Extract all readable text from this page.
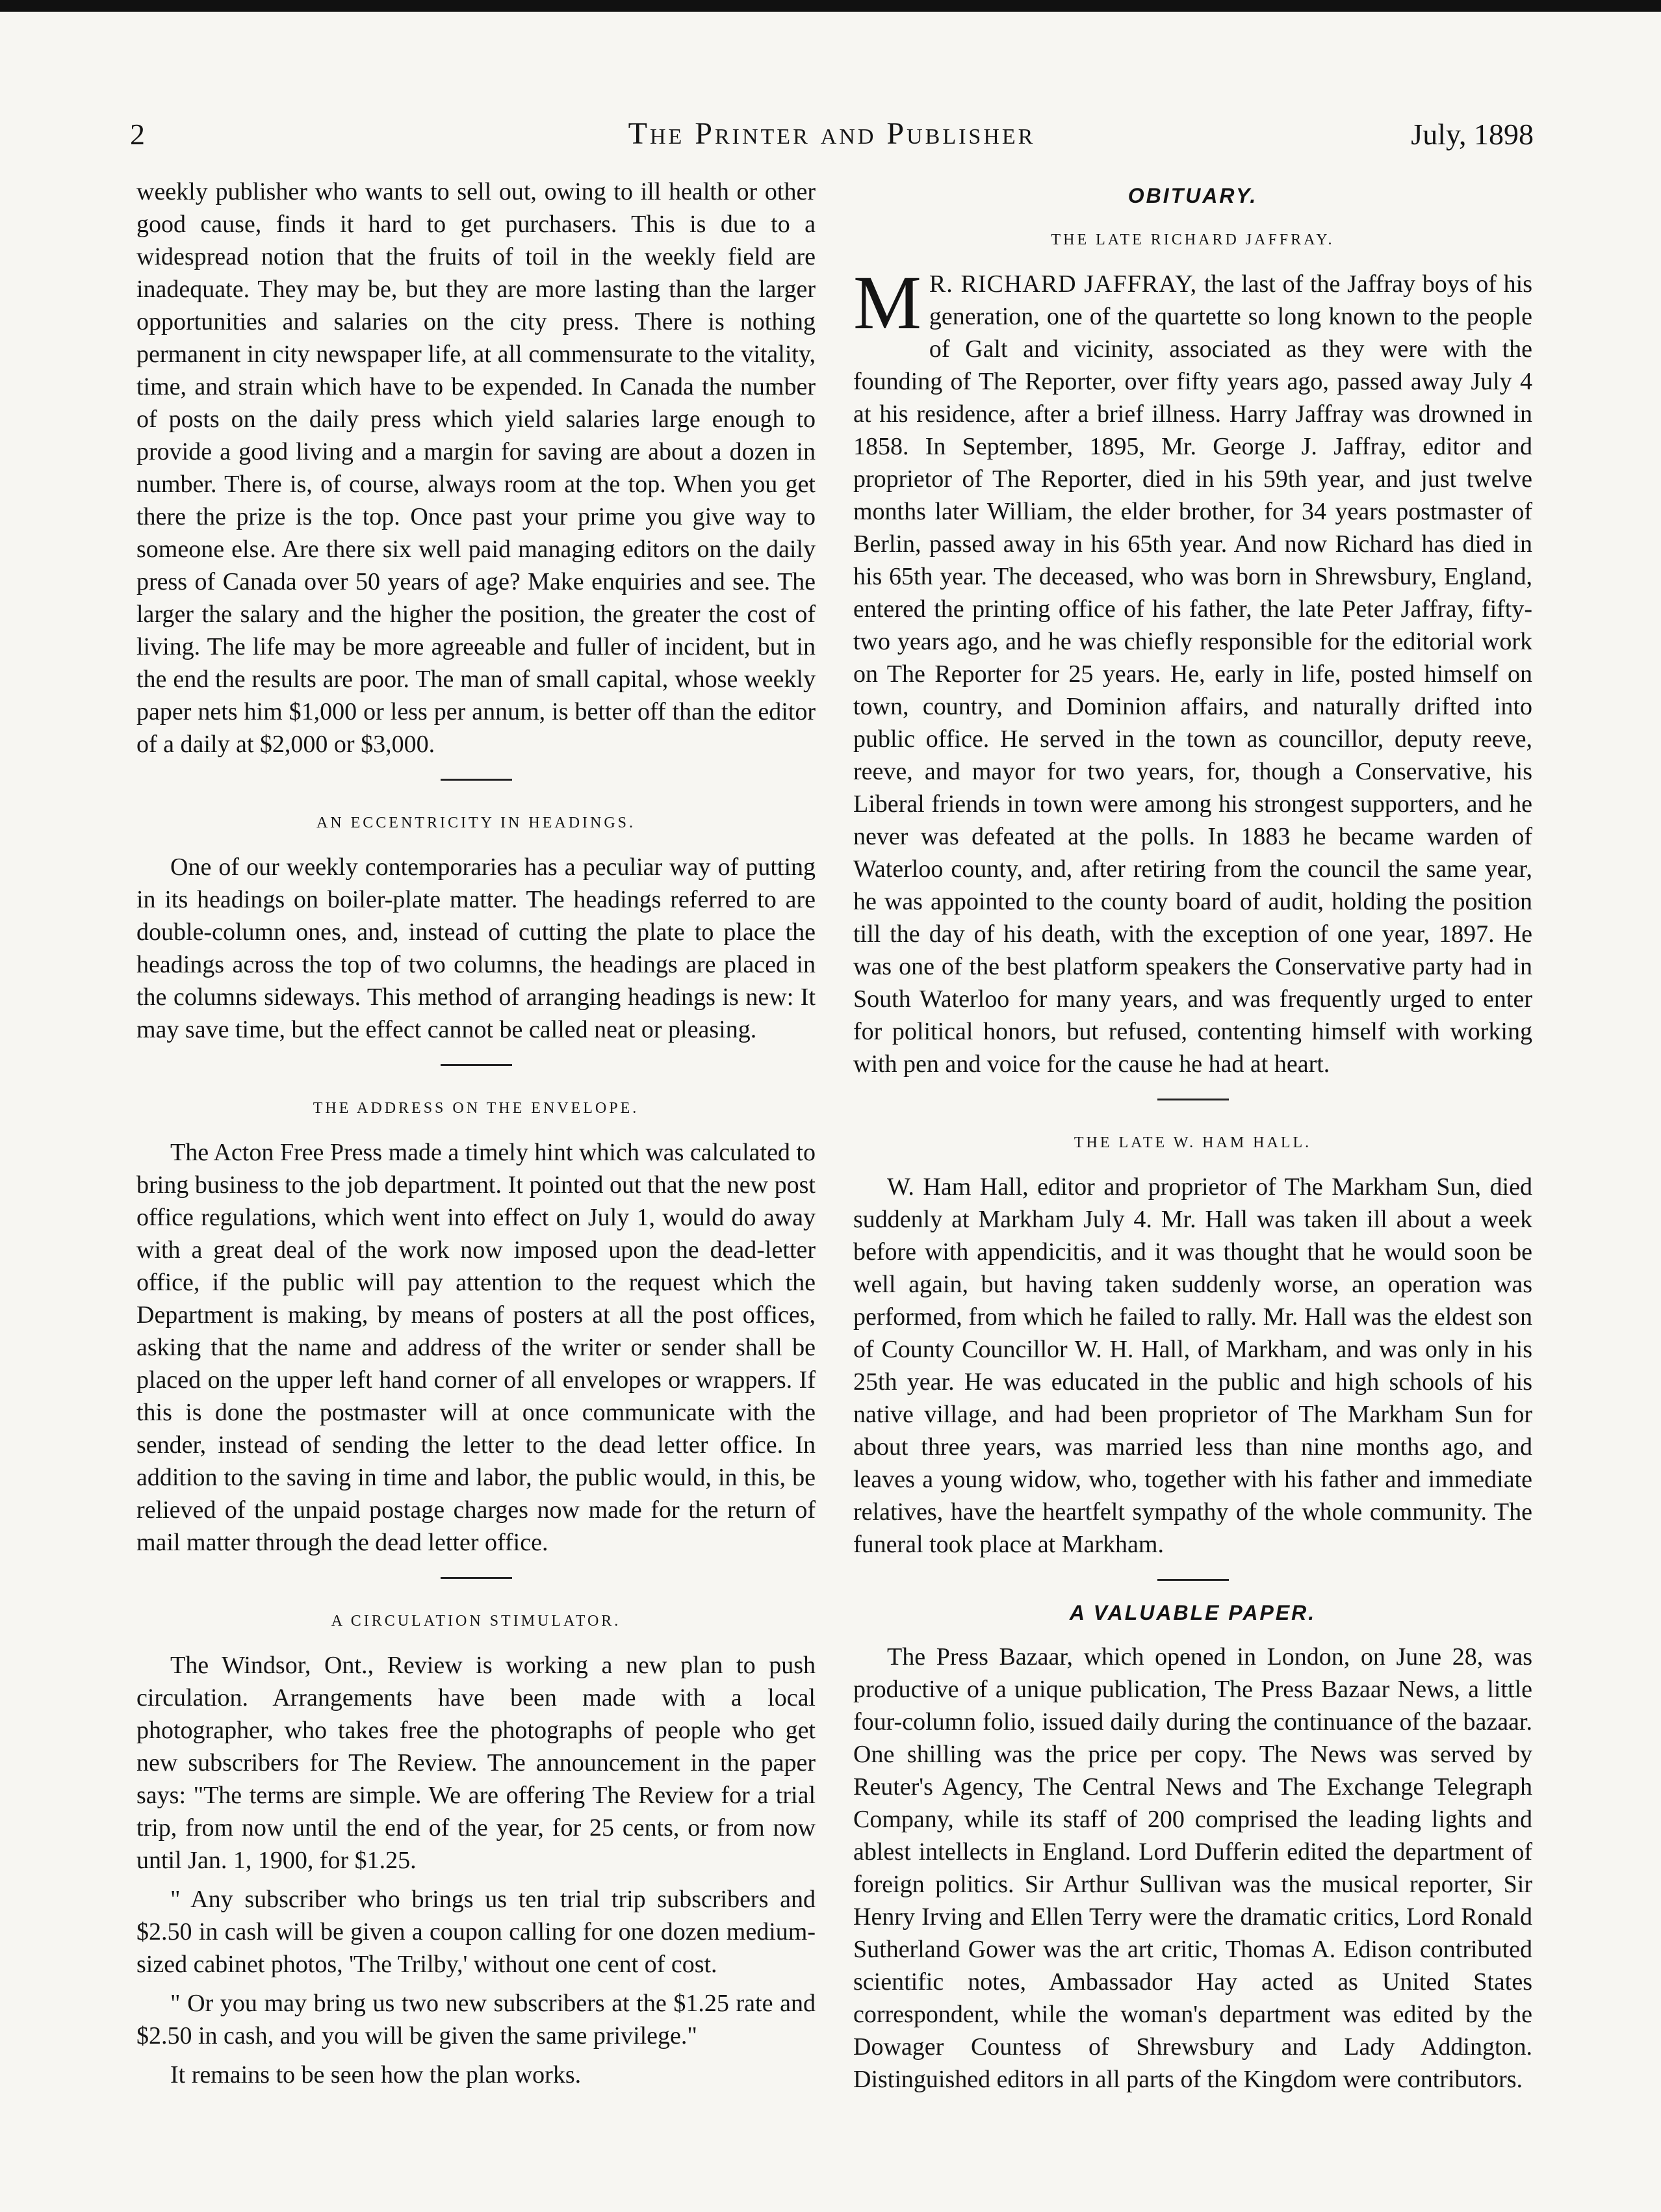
2	The Printer and Publisher	July, 1898

weekly publisher who wants to sell out, owing to ill health or other good cause, finds it hard to get purchasers. This is due to a widespread notion that the fruits of toil in the weekly field are inadequate. They may be, but they are more lasting than the larger opportunities and salaries on the city press. There is nothing permanent in city newspaper life, at all commensurate to the vitality, time, and strain which have to be expended. In Canada the number of posts on the daily press which yield salaries large enough to provide a good living and a margin for saving are about a dozen in number. There is, of course, always room at the top. When you get there the prize is the top. Once past your prime you give way to someone else. Are there six well paid managing editors on the daily press of Canada over 50 years of age? Make enquiries and see. The larger the salary and the higher the position, the greater the cost of living. The life may be more agreeable and fuller of incident, but in the end the results are poor. The man of small capital, whose weekly paper nets him $1,000 or less per annum, is better off than the editor of a daily at $2,000 or $3,000.

AN ECCENTRICITY IN HEADINGS.

One of our weekly contemporaries has a peculiar way of putting in its headings on boiler-plate matter. The headings referred to are double-column ones, and, instead of cutting the plate to place the headings across the top of two columns, the headings are placed in the columns sideways. This method of arranging headings is new: It may save time, but the effect cannot be called neat or pleasing.

THE ADDRESS ON THE ENVELOPE.

The Acton Free Press made a timely hint which was calculated to bring business to the job department. It pointed out that the new post office regulations, which went into effect on July 1, would do away with a great deal of the work now imposed upon the dead-letter office, if the public will pay attention to the request which the Department is making, by means of posters at all the post offices, asking that the name and address of the writer or sender shall be placed on the upper left hand corner of all envelopes or wrappers. If this is done the postmaster will at once communicate with the sender, instead of sending the letter to the dead letter office. In addition to the saving in time and labor, the public would, in this, be relieved of the unpaid postage charges now made for the return of mail matter through the dead letter office.

A CIRCULATION STIMULATOR.

The Windsor, Ont., Review is working a new plan to push circulation. Arrangements have been made with a local photographer, who takes free the photographs of people who get new subscribers for The Review. The announcement in the paper says: "The terms are simple. We are offering The Review for a trial trip, from now until the end of the year, for 25 cents, or from now until Jan. 1, 1900, for $1.25.

" Any subscriber who brings us ten trial trip subscribers and $2.50 in cash will be given a coupon calling for one dozen medium-sized cabinet photos, 'The Trilby,' without one cent of cost.

" Or you may bring us two new subscribers at the $1.25 rate and $2.50 in cash, and you will be given the same privilege."

It remains to be seen how the plan works.

OBITUARY.
THE LATE RICHARD JAFFRAY.

M R. RICHARD JAFFRAY, the last of the Jaffray boys of his generation, one of the quartette so long known to the people of Galt and vicinity, associated as they were with the founding of The Reporter, over fifty years ago, passed away July 4 at his residence, after a brief illness. Harry Jaffray was drowned in 1858. In September, 1895, Mr. George J. Jaffray, editor and proprietor of The Reporter, died in his 59th year, and just twelve months later William, the elder brother, for 34 years postmaster of Berlin, passed away in his 65th year. And now Richard has died in his 65th year. The deceased, who was born in Shrewsbury, England, entered the printing office of his father, the late Peter Jaffray, fifty-two years ago, and he was chiefly responsible for the editorial work on The Reporter for 25 years. He, early in life, posted himself on town, country, and Dominion affairs, and naturally drifted into public office. He served in the town as councillor, deputy reeve, reeve, and mayor for two years, for, though a Conservative, his Liberal friends in town were among his strongest supporters, and he never was defeated at the polls. In 1883 he became warden of Waterloo county, and, after retiring from the council the same year, he was appointed to the county board of audit, holding the position till the day of his death, with the exception of one year, 1897. He was one of the best platform speakers the Conservative party had in South Waterloo for many years, and was frequently urged to enter for political honors, but refused, contenting himself with working with pen and voice for the cause he had at heart.

THE LATE W. HAM HALL.

W. Ham Hall, editor and proprietor of The Markham Sun, died suddenly at Markham July 4. Mr. Hall was taken ill about a week before with appendicitis, and it was thought that he would soon be well again, but having taken suddenly worse, an operation was performed, from which he failed to rally. Mr. Hall was the eldest son of County Councillor W. H. Hall, of Markham, and was only in his 25th year. He was educated in the public and high schools of his native village, and had been proprietor of The Markham Sun for about three years, was married less than nine months ago, and leaves a young widow, who, together with his father and immediate relatives, have the heartfelt sympathy of the whole community. The funeral took place at Markham.

A VALUABLE PAPER.

The Press Bazaar, which opened in London, on June 28, was productive of a unique publication, The Press Bazaar News, a little four-column folio, issued daily during the continuance of the bazaar. One shilling was the price per copy. The News was served by Reuter's Agency, The Central News and The Exchange Telegraph Company, while its staff of 200 comprised the leading lights and ablest intellects in England. Lord Dufferin edited the department of foreign politics. Sir Arthur Sullivan was the musical reporter, Sir Henry Irving and Ellen Terry were the dramatic critics, Lord Ronald Sutherland Gower was the art critic, Thomas A. Edison contributed scientific notes, Ambassador Hay acted as United States correspondent, while the woman's department was edited by the Dowager Countess of Shrewsbury and Lady Addington. Distinguished editors in all parts of the Kingdom were contributors.
